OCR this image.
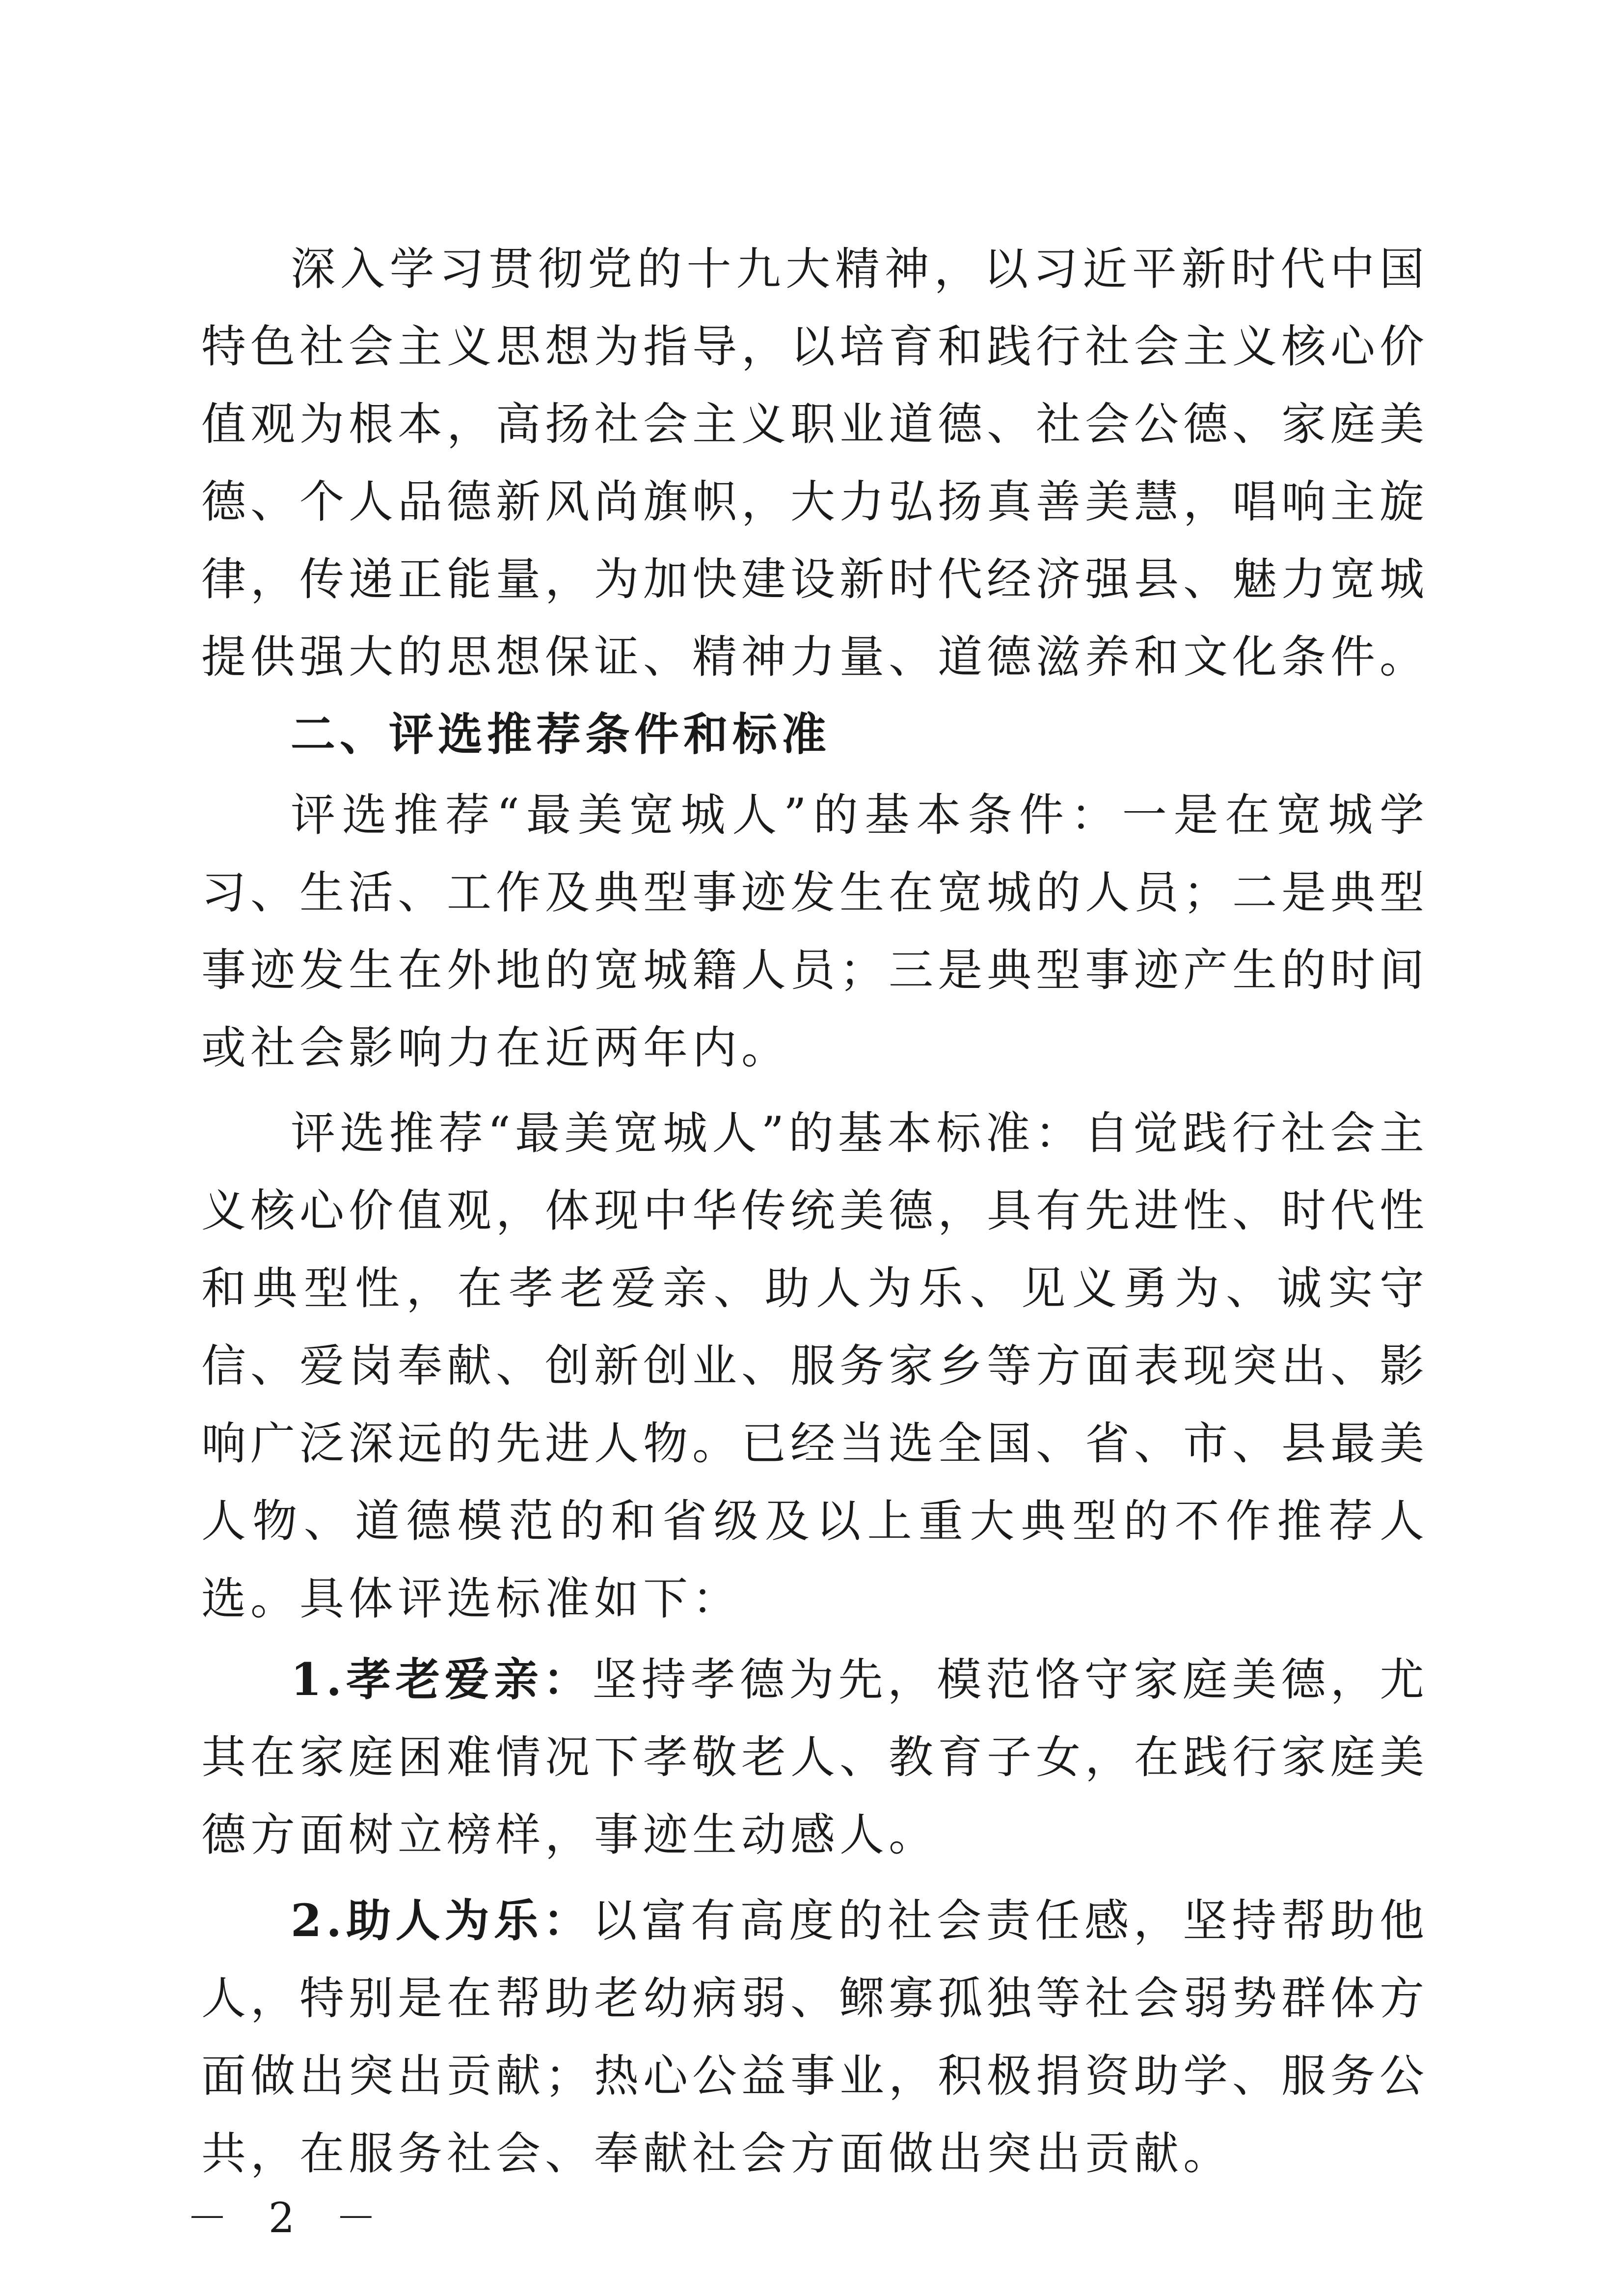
深入学习贯彻党的十九大精神，以习近平新时代中国特色社会主义思想为指导，以培育和践行社会主义核心价值观为根本，高扬社会主义职业道德、社会公德、家庭美德、个人品德新风尚旗帜，大力弘扬真善美慧，唱响主旋律，传递正能量，为加快建设新时代经济强县、魅力宽城提供强大的思想保证、精神力量、道德滋养和文化条件。

二、评选推荐条件和标准

评选推荐“最美宽城人”的基本条件：一是在宽城学习、生活、工作及典型事迹发生在宽城的人员；二是典型事迹发生在外地的宽城籍人员；三是典型事迹产生的时间或社会影响力在近两年内。

评选推荐“最美宽城人”的基本标准：自觉践行社会主义核心价值观，体现中华传统美德，具有先进性、时代性和典型性，在孝老爱亲、助人为乐、见义勇为、诚实守信、爱岗奉献、创新创业、服务家乡等方面表现突出、影响广泛深远的先进人物。已经当选全国、省、市、县最美人物、道德模范的和省级及以上重大典型的不作推荐人选。具体评选标准如下：

1.孝老爱亲：坚持孝德为先，模范恪守家庭美德，尤其在家庭困难情况下孝敬老人、教育子女，在践行家庭美德方面树立榜样，事迹生动感人。

2.助人为乐：以富有高度的社会责任感，坚持帮助他人，特别是在帮助老幼病弱、鳏寡孤独等社会弱势群体方面做出突出贡献；热心公益事业，积极捐资助学、服务公共，在服务社会、奉献社会方面做出突出贡献。

－ 2 －
